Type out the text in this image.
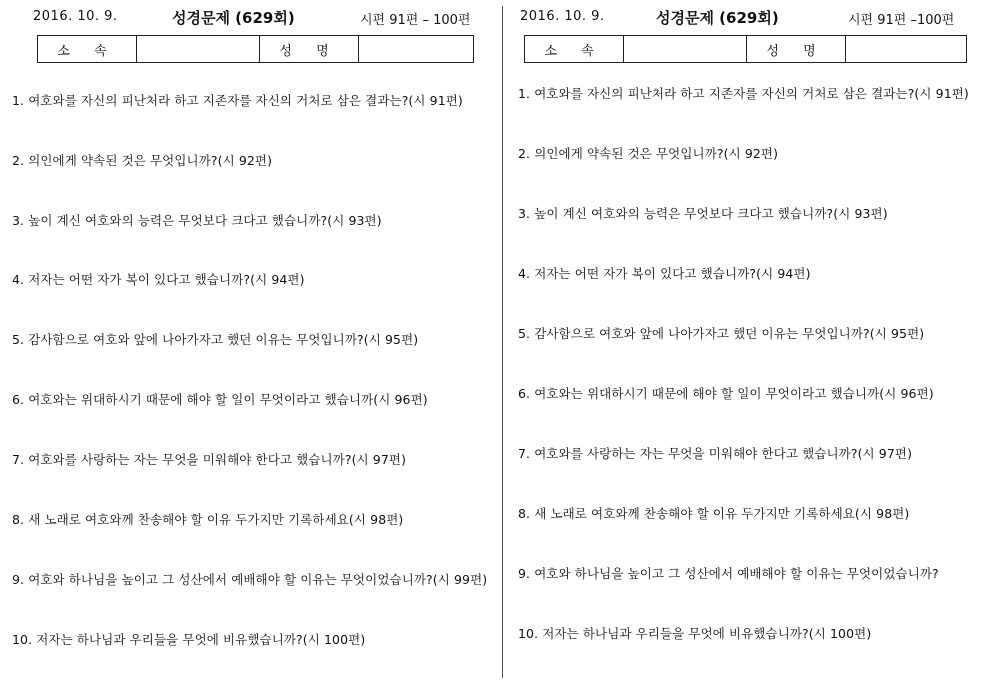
2016. 10. 9.	성경문제 (629회)	시편 91편 – 100편
소 속		성 명	
1. 여호와를 자신의 피난처라 하고 지존자를 자신의 거처로 삼은 결과는?(시 91편)
2. 의인에게 약속된 것은 무엇입니까?(시 92편)
3. 높이 계신 여호와의 능력은 무엇보다 크다고 했습니까?(시 93편)
4. 저자는 어떤 자가 복이 있다고 했습니까?(시 94편)
5. 감사함으로 여호와 앞에 나아가자고 했던 이유는 무엇입니까?(시 95편)
6. 여호와는 위대하시기 때문에 해야 할 일이 무엇이라고 했습니까(시 96편)
7. 여호와를 사랑하는 자는 무엇을 미워해야 한다고 했습니까?(시 97편)
8. 새 노래로 여호와께 찬송해야 할 이유 두가지만 기록하세요(시 98편)
9. 여호와 하나님을 높이고 그 성산에서 예배해야 할 이유는 무엇이었습니까?(시 99편)
10. 저자는 하나님과 우리들을 무엇에 비유했습니까?(시 100편)
2016. 10. 9.	성경문제 (629회)	시편 91편 –100편
소 속		성 명	
1. 여호와를 자신의 피난처라 하고 지존자를 자신의 거처로 삼은 결과는?(시 91편)
2. 의인에게 약속된 것은 무엇입니까?(시 92편)
3. 높이 계신 여호와의 능력은 무엇보다 크다고 했습니까?(시 93편)
4. 저자는 어떤 자가 복이 있다고 했습니까?(시 94편)
5. 감사함으로 여호와 앞에 나아가자고 했던 이유는 무엇입니까?(시 95편)
6. 여호와는 위대하시기 때문에 해야 할 일이 무엇이라고 했습니까(시 96편)
7. 여호와를 사랑하는 자는 무엇을 미워해야 한다고 했습니까?(시 97편)
8. 새 노래로 여호와께 찬송해야 할 이유 두가지만 기록하세요(시 98편)
9. 여호와 하나님을 높이고 그 성산에서 예배해야 할 이유는 무엇이었습니까?
10. 저자는 하나님과 우리들을 무엇에 비유했습니까?(시 100편)
